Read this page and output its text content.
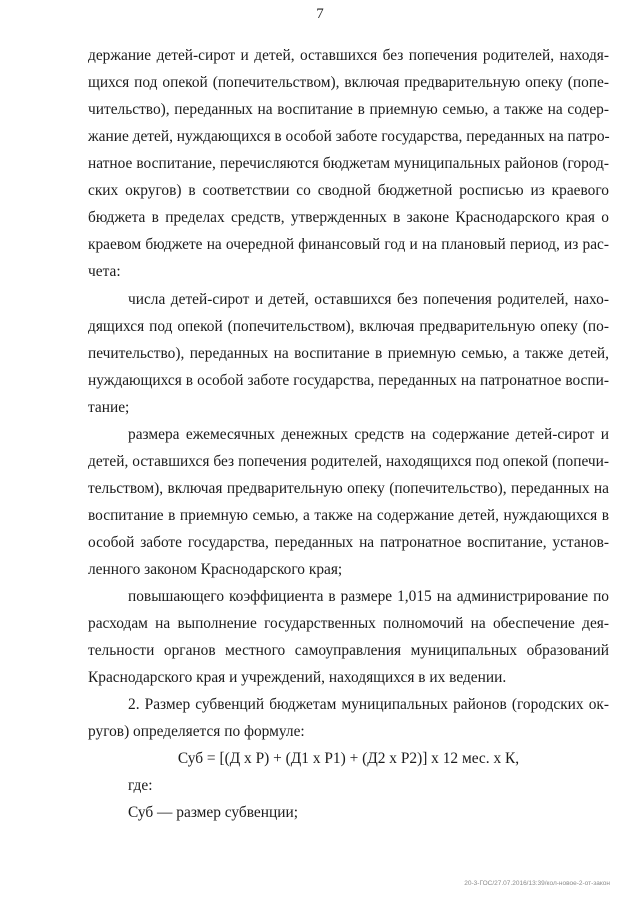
7
держание детей-сирот и детей, оставшихся без попечения родителей, находя-
щихся под опекой (попечительством), включая предварительную опеку (попе-
чительство), переданных на воспитание в приемную семью, а также на содер-
жание детей, нуждающихся в особой заботе государства, переданных на патро-
натное воспитание, перечисляются бюджетам муниципальных районов (город-
ских округов) в соответствии со сводной бюджетной росписью из краевого
бюджета в пределах средств, утвержденных в законе Краснодарского края о
краевом бюджете на очередной финансовый год и на плановый период, из рас-
чета:
числа детей-сирот и детей, оставшихся без попечения родителей, нахо-
дящихся под опекой (попечительством), включая предварительную опеку (по-
печительство), переданных на воспитание в приемную семью, а также детей,
нуждающихся в особой заботе государства, переданных на патронатное воспи-
тание;
размера ежемесячных денежных средств на содержание детей-сирот и
детей, оставшихся без попечения родителей, находящихся под опекой (попечи-
тельством), включая предварительную опеку (попечительство), переданных на
воспитание в приемную семью, а также на содержание детей, нуждающихся в
особой заботе государства, переданных на патронатное воспитание, установ-
ленного законом Краснодарского края;
повышающего коэффициента в размере 1,015 на администрирование по
расходам на выполнение государственных полномочий на обеспечение дея-
тельности органов местного самоуправления муниципальных образований
Краснодарского края и учреждений, находящихся в их ведении.
2. Размер субвенций бюджетам муниципальных районов (городских ок-
ругов) определяется по формуле:
Суб = [(Д х Р) + (Д1 х Р1) + (Д2 х Р2)] х 12 мес. х К,
где:
Суб — размер субвенции;
20-3-ГОС/27.07.2016/13:39/кол-новое-2-от-закон
